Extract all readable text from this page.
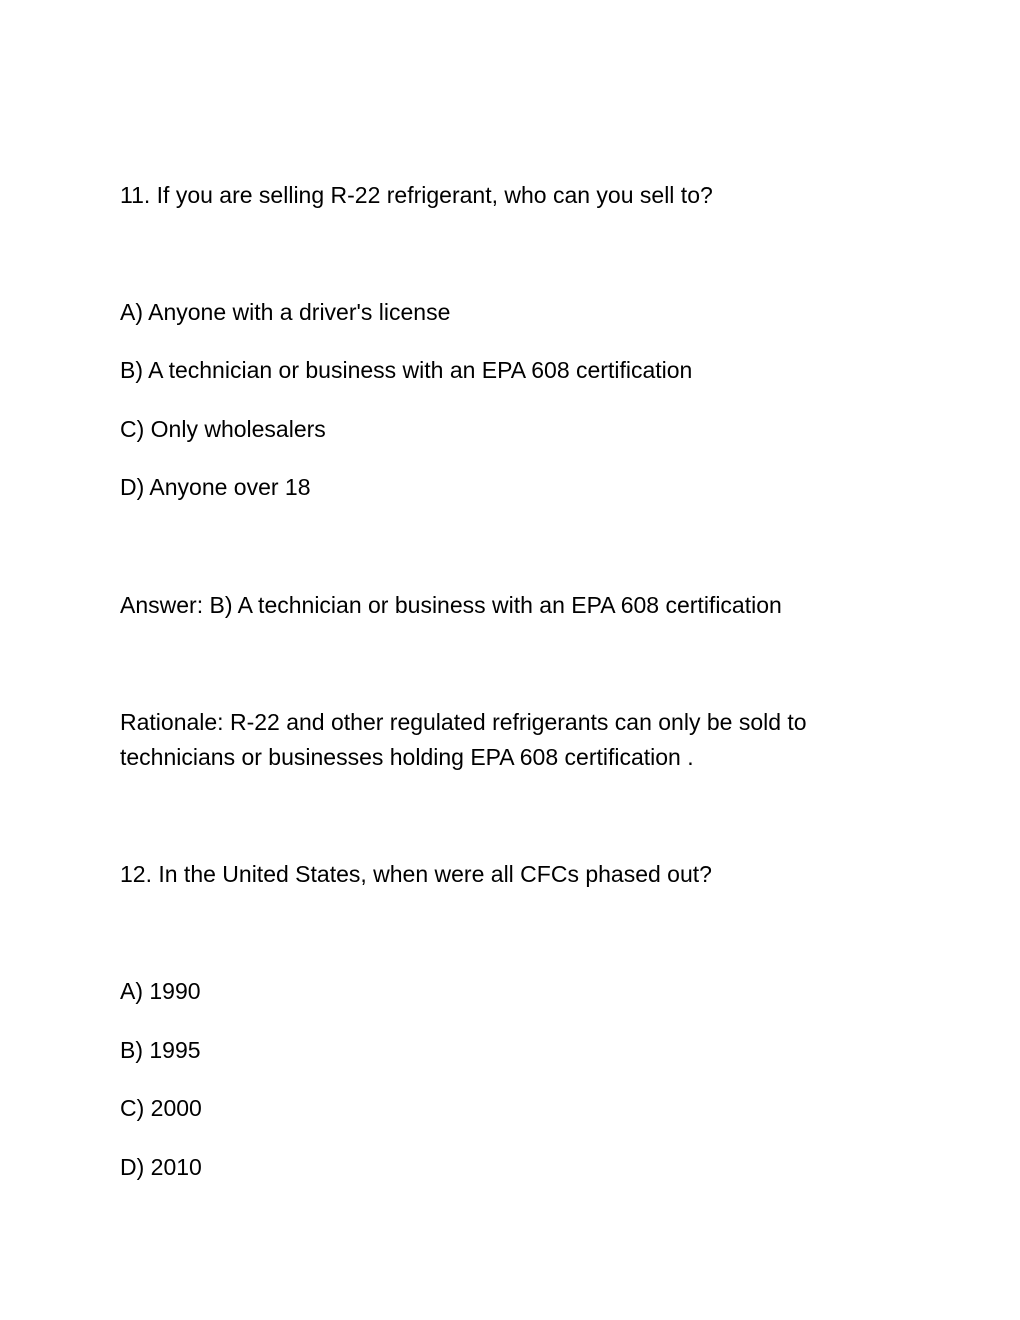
11. If you are selling R-22 refrigerant, who can you sell to?
A) Anyone with a driver's license
B) A technician or business with an EPA 608 certification
C) Only wholesalers
D) Anyone over 18
Answer: B) A technician or business with an EPA 608 certification
Rationale: R-22 and other regulated refrigerants can only be sold to
technicians or businesses holding EPA 608 certification .
12. In the United States, when were all CFCs phased out?
A) 1990
B) 1995
C) 2000
D) 2010
